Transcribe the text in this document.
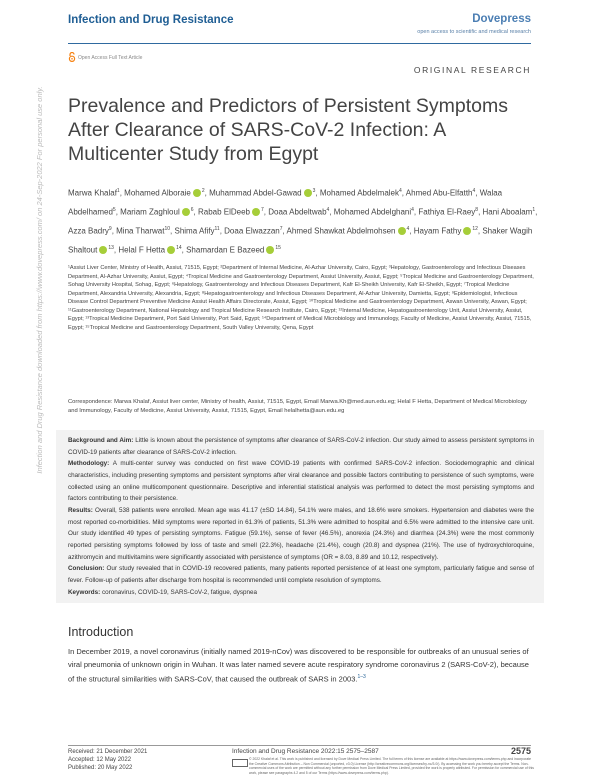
Infection and Drug Resistance	Dovepress
open access to scientific and medical research
Open Access Full Text Article
ORIGINAL RESEARCH
Prevalence and Predictors of Persistent Symptoms After Clearance of SARS-CoV-2 Infection: A Multicenter Study from Egypt
Marwa Khalaf$^1$, Mohamed Alboraie $^2$, Muhammad Abdel-Gawad $^3$, Mohamed Abdelmalek$^4$, Ahmed Abu-Elfatth$^4$, Walaa Abdelhamed$^5$, Mariam Zaghloul $^6$, Rabab ElDeeb $^7$, Doaa Abdeltwab$^4$, Mohamed Abdelghani$^4$, Fathiya El-Raey$^8$, Hani Aboalam$^1$, Azza Badry$^9$, Mina Tharwat$^{10}$, Shima Afify$^{11}$, Doaa Elwazzan$^7$, Ahmed Shawkat Abdelmohsen $^4$, Hayam Fathy $^{12}$, Shaker Wagih Shaltout $^{13}$, Helal F Hetta $^{14}$, Shamardan E Bazeed $^{15}$
¹Assiut Liver Center, Ministry of Health, Assiut, 71515, Egypt; ²Department of Internal Medicine, Al-Azhar University, Cairo, Egypt; ³Hepatology, Gastroenterology and Infectious Diseases Department, Al-Azhar University, Assiut, Egypt; ⁴Tropical Medicine and Gastroenterology Department, Assiut University, Assiut, Egypt; ⁵Tropical Medicine and Gastroenterology Department, Sohag University Hospital, Sohag, Egypt; ⁶Hepatology, Gastroenterology and Infectious Diseases Department, Kafr El-Sheikh University, Kafr El-Sheikh, Egypt; ⁷Tropical Medicine Department, Alexandria University, Alexandria, Egypt; ⁸Hepatogastroenterology and Infectious Diseases Department, Al-Azhar University, Damietta, Egypt; ⁹Epidemiologist, Infectious Disease Control Department Preventive Medicine Assiut Health Affairs Directorate, Assiut, Egypt; ¹⁰Tropical Medicine and Gastroenterology Department, Aswan University, Aswan, Egypt; ¹¹Gastroenterology Department, National Hepatology and Tropical Medicine Research Institute, Cairo, Egypt; ¹²Internal Medicine, Hepatogastroenterology Unit, Assiut University, Assiut, Egypt; ¹³Tropical Medicine Department, Port Said University, Port Said, Egypt; ¹⁴Department of Medical Microbiology and Immunology, Faculty of Medicine, Assiut University, Assiut, 71515, Egypt; ¹⁵Tropical Medicine and Gastroenterology Department, South Valley University, Qena, Egypt
Correspondence: Marwa Khalaf, Assiut liver center, Ministry of health, Assiut, 71515, Egypt, Email Marwa.Kh@med.aun.edu.eg; Helal F Hetta, Department of Medical Microbiology and Immunology, Faculty of Medicine, Assiut University, Assiut, 71515, Egypt, Email helalhetta@aun.edu.eg
Background and Aim: Little is known about the persistence of symptoms after clearance of SARS-CoV-2 infection. Our study aimed to assess persistent symptoms in COVID-19 patients after clearance of SARS-CoV-2 infection.
Methodology: A multi-center survey was conducted on first wave COVID-19 patients with confirmed SARS-CoV-2 infection. Sociodemographic and clinical characteristics, including presenting symptoms and persistent symptoms after viral clearance and possible factors contributing to persistence of such symptoms, were collected using an online multicomponent questionnaire. Descriptive and inferential statistical analysis was performed to detect the most persisting symptoms and factors contributing to their persistence.
Results: Overall, 538 patients were enrolled. Mean age was 41.17 (±SD 14.84), 54.1% were males, and 18.6% were smokers. Hypertension and diabetes were the most reported co-morbidities. Mild symptoms were reported in 61.3% of patients, 51.3% were admitted to hospital and 6.5% were admitted to the intensive care unit. Our study identified 49 types of persisting symptoms. Fatigue (59.1%), sense of fever (46.5%), anorexia (24.3%) and diarrhea (24.3%) were the most commonly reported persisting symptoms followed by loss of taste and smell (22.3%), headache (21.4%), cough (20.8) and dyspnea (21%). The use of hydroxychloroquine, azithromycin and multivitamins were significantly associated with persistence of symptoms (OR = 8.03, 8.89 and 10.12, respectively).
Conclusion: Our study revealed that in COVID-19 recovered patients, many patients reported persistence of at least one symptom, particularly fatigue and sense of fever. Follow-up of patients after discharge from hospital is recommended until complete resolution of symptoms.
Keywords: coronavirus, COVID-19, SARS-CoV-2, fatigue, dyspnea
Introduction
In December 2019, a novel coronavirus (initially named 2019-nCov) was discovered to be responsible for outbreaks of an unusual series of viral pneumonia of unknown origin in Wuhan. It was later named severe acute respiratory syndrome coronavirus 2 (SARS-CoV-2), because of the structural similarities with SARS-CoV, that caused the outbreak of SARS in 2003.$^{1-3}$
Received: 21 December 2021
Accepted: 12 May 2022
Published: 20 May 2022
Infection and Drug Resistance 2022:15 2575–2587	2575
© 2022 Khalaf et al. This work is published and licensed by Dove Medical Press Limited. The full terms of this license are available at https://www.dovepress.com/terms.php and incorporate the Creative Commons Attribution – Non Commercial (unported, v3.0) License (http://creativecommons.org/licenses/by-nc/3.0/). By accessing the work you hereby accept the Terms. Non-commercial uses of the work are permitted without any further permission from Dove Medical Press Limited, provided the work is properly attributed. For permission for commercial use of this work, please see paragraphs 4.2 and 5 of our Terms (https://www.dovepress.com/terms.php).
Infection and Drug Resistance downloaded from https://www.dovepress.com/ on 24-Sep-2022 For personal use only.
